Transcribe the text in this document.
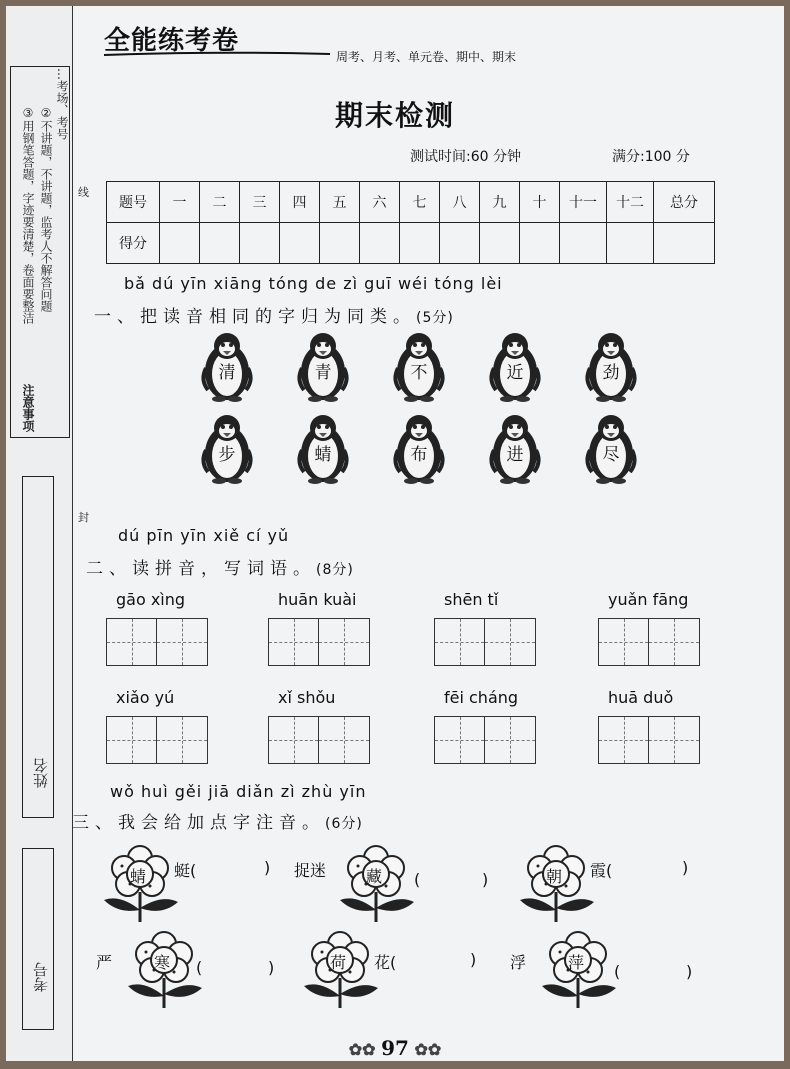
…考场、考号
②不讲题，不讲题，监考人不解答问题
③用钢笔答题，字迹要清楚，卷面要整洁
注意事项
姓名
考号
封
线
全能练考卷
周考、月考、单元卷、期中、期末
期末检测
测试时间:60 分钟	满分:100 分
题号	一	二	三	四	五	六	七	八	九	十	十一	十二	总分
得分													
bǎ dú yīn xiāng tóng de zì guī wéi tóng lèi
一、把读音相同的字归为同类。(5分)
清	青	不	近	劲
步	蜻	布	进	尽
dú pīn yīn xiě cí yǔ
二、读拼音，写词语。(8分)
gāo xìng	huān kuài	shēn tǐ	yuǎn fāng
xiǎo yú	xǐ shǒu	fēi cháng	huā duǒ
wǒ huì gěi jiā diǎn zì zhù yīn
三、我会给加点字注音。(6分)
蜻 蜓(	)	藏
捉迷	(	)	朝 霞(	)
寒
严	(	)	荷 花(	)	萍
浮	(	)
✿✿ 97 ✿✿
